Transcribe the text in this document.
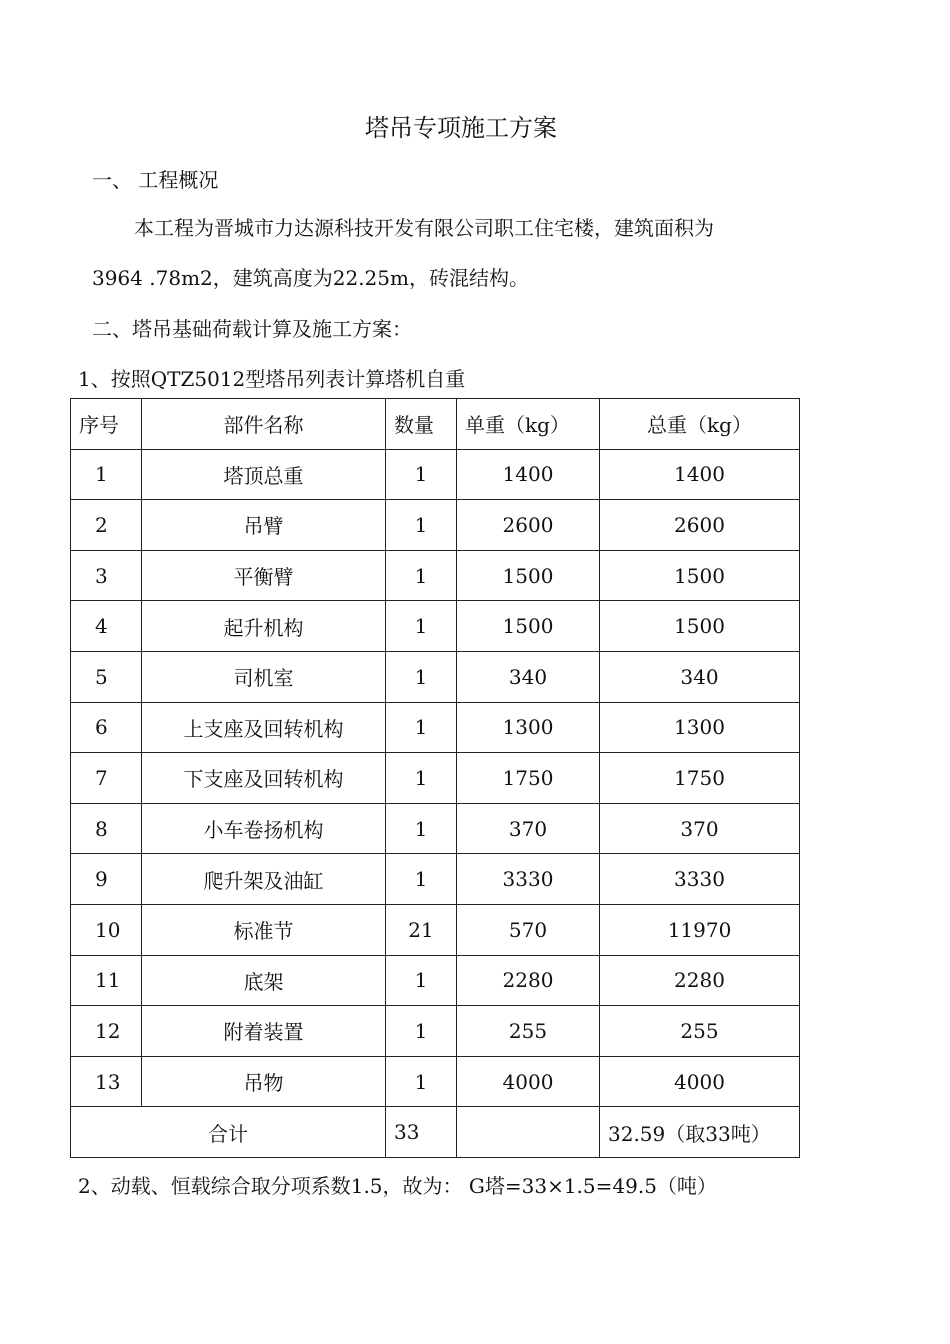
塔吊专项施工方案
一、 工程概况
本工程为晋城市力达源科技开发有限公司职工住宅楼，建筑面积为
3964 .78m2，建筑高度为22.25m，砖混结构。
二、塔吊基础荷载计算及施工方案：
1、按照QTZ5012型塔吊列表计算塔机自重
序号	部件名称	数量	单重（kg）	总重（kg）
1	塔顶总重	1	1400	1400
2	吊臂	1	2600	2600
3	平衡臂	1	1500	1500
4	起升机构	1	1500	1500
5	司机室	1	340	340
6	上支座及回转机构	1	1300	1300
7	下支座及回转机构	1	1750	1750
8	小车卷扬机构	1	370	370
9	爬升架及油缸	1	3330	3330
10	标准节	21	570	11970
11	底架	1	2280	2280
12	附着装置	1	255	255
13	吊物	1	4000	4000
合计		33		32.59（取33吨）
2、动载、恒载综合取分项系数1.5，故为： G塔=33×1.5=49.5（吨）
